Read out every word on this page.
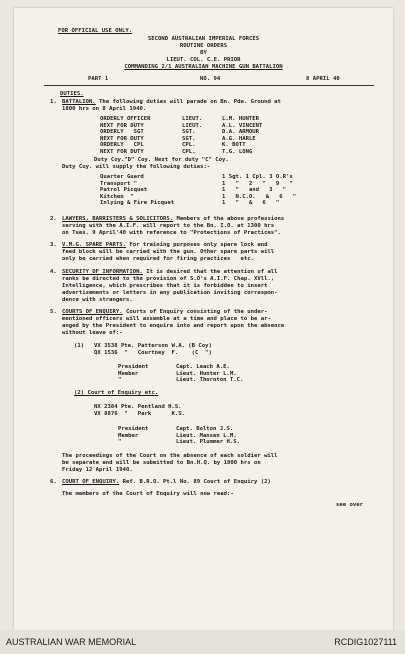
FOR OFFICIAL USE ONLY.
SECOND AUSTRALIAN IMPERIAL FORCES
ROUTINE ORDERS
BY
LIEUT. COL. C.E. PRIOR
COMMANDING 2/1 AUSTRALIAN MACHINE GUN BATTALION
PART 1	NO. 94	8 APRIL 40
DUTIES.
1. BATTALION. The following duties will parade on Bn. Pde. Ground at
1800 hrs on 8 April 1940.
ORDERLY OFFICER	LIEUT.	L.M. HUNTER
NEXT FOR DUTY	LIEUT.	A.L. VINCENT
ORDERLY   SGT	SGT.	D.A. ARMOUR
NEXT FOR DUTY	SGT.	A.G. HARLE
ORDERLY   CPL	CPL.	K. BOTT
NEXT FOR DUTY	CPL.	T.G. LONG
Duty Coy."D" Coy. Next for duty "C" Coy.
Duty Coy. will supply the following duties:-
Quarter Guard	1 Sgt. 1 Cpl. 3 O.R's
Transport "	1   "   2   "   9   "
Patrol Picquet	1   "   and   3   "
Kitchen  "	1   N.C.O.   &   6   "
Inlying & Fire Picquet	1   "   &   6   "
2. LAWYERS, BARRISTERS & SOLICITORS. Members of the above professions
serving with the A.I.F. will report to the Bn. I.O. at 1300 hrs
on Tues. 9 April'40 with reference to "Protections of Practices".
3. V.M.G. SPARE PARTS. For training purposes only spare lock and
feed block will be carried with the gun. Other spare parts will
only be carried when required for firing practices   etc.
4. SECURITY OF INFORMATION. It is desired that the attention of all
ranks be directed to the provision of S.O's A.I.F. Chap. XVll.,
Intelligence, which prescribes that it is forbidden to insert
advertisements or letters in any publication inviting correspon-
dence with strangers.
5. COURTS OF ENQUIRY. Courts of Enquiry consisting of the under-
mentioned officers will assemble at a time and place to be ar-
anged by the President to enquire into and report upon the absence
without leave of:-
(1) VX 3538 Pte. Patterson W.A. (B Coy)
QX 1536  "   Courtney  F.    (C  ")
President	Capt. Leach A.E.
Member	Lieut. Hunter L.M.
"	Lieut. Thornton T.C.
(2) Court of Enquiry etc.
NX 2384 Pte. Pentland H.S.
VX 8876  "   Park      K.S.
President	Capt. Bolton J.S.
Member	Lieut. Mansen L.M.
"	Lieut. Plummer H.S.
The proceedings of the Court on the absence of each soldier will
be separate and will be submitted to Bn.H.Q. by 1800 hrs on
Friday 12 April 1940.
6. COURT OF ENQUIRY. Ref. B.R.O. Pt.l No. 89 Court of Enquiry (2)
The members of the Court of Enquiry will now read:-
see over
AUSTRALIAN WAR MEMORIAL	RCDIG1027111
